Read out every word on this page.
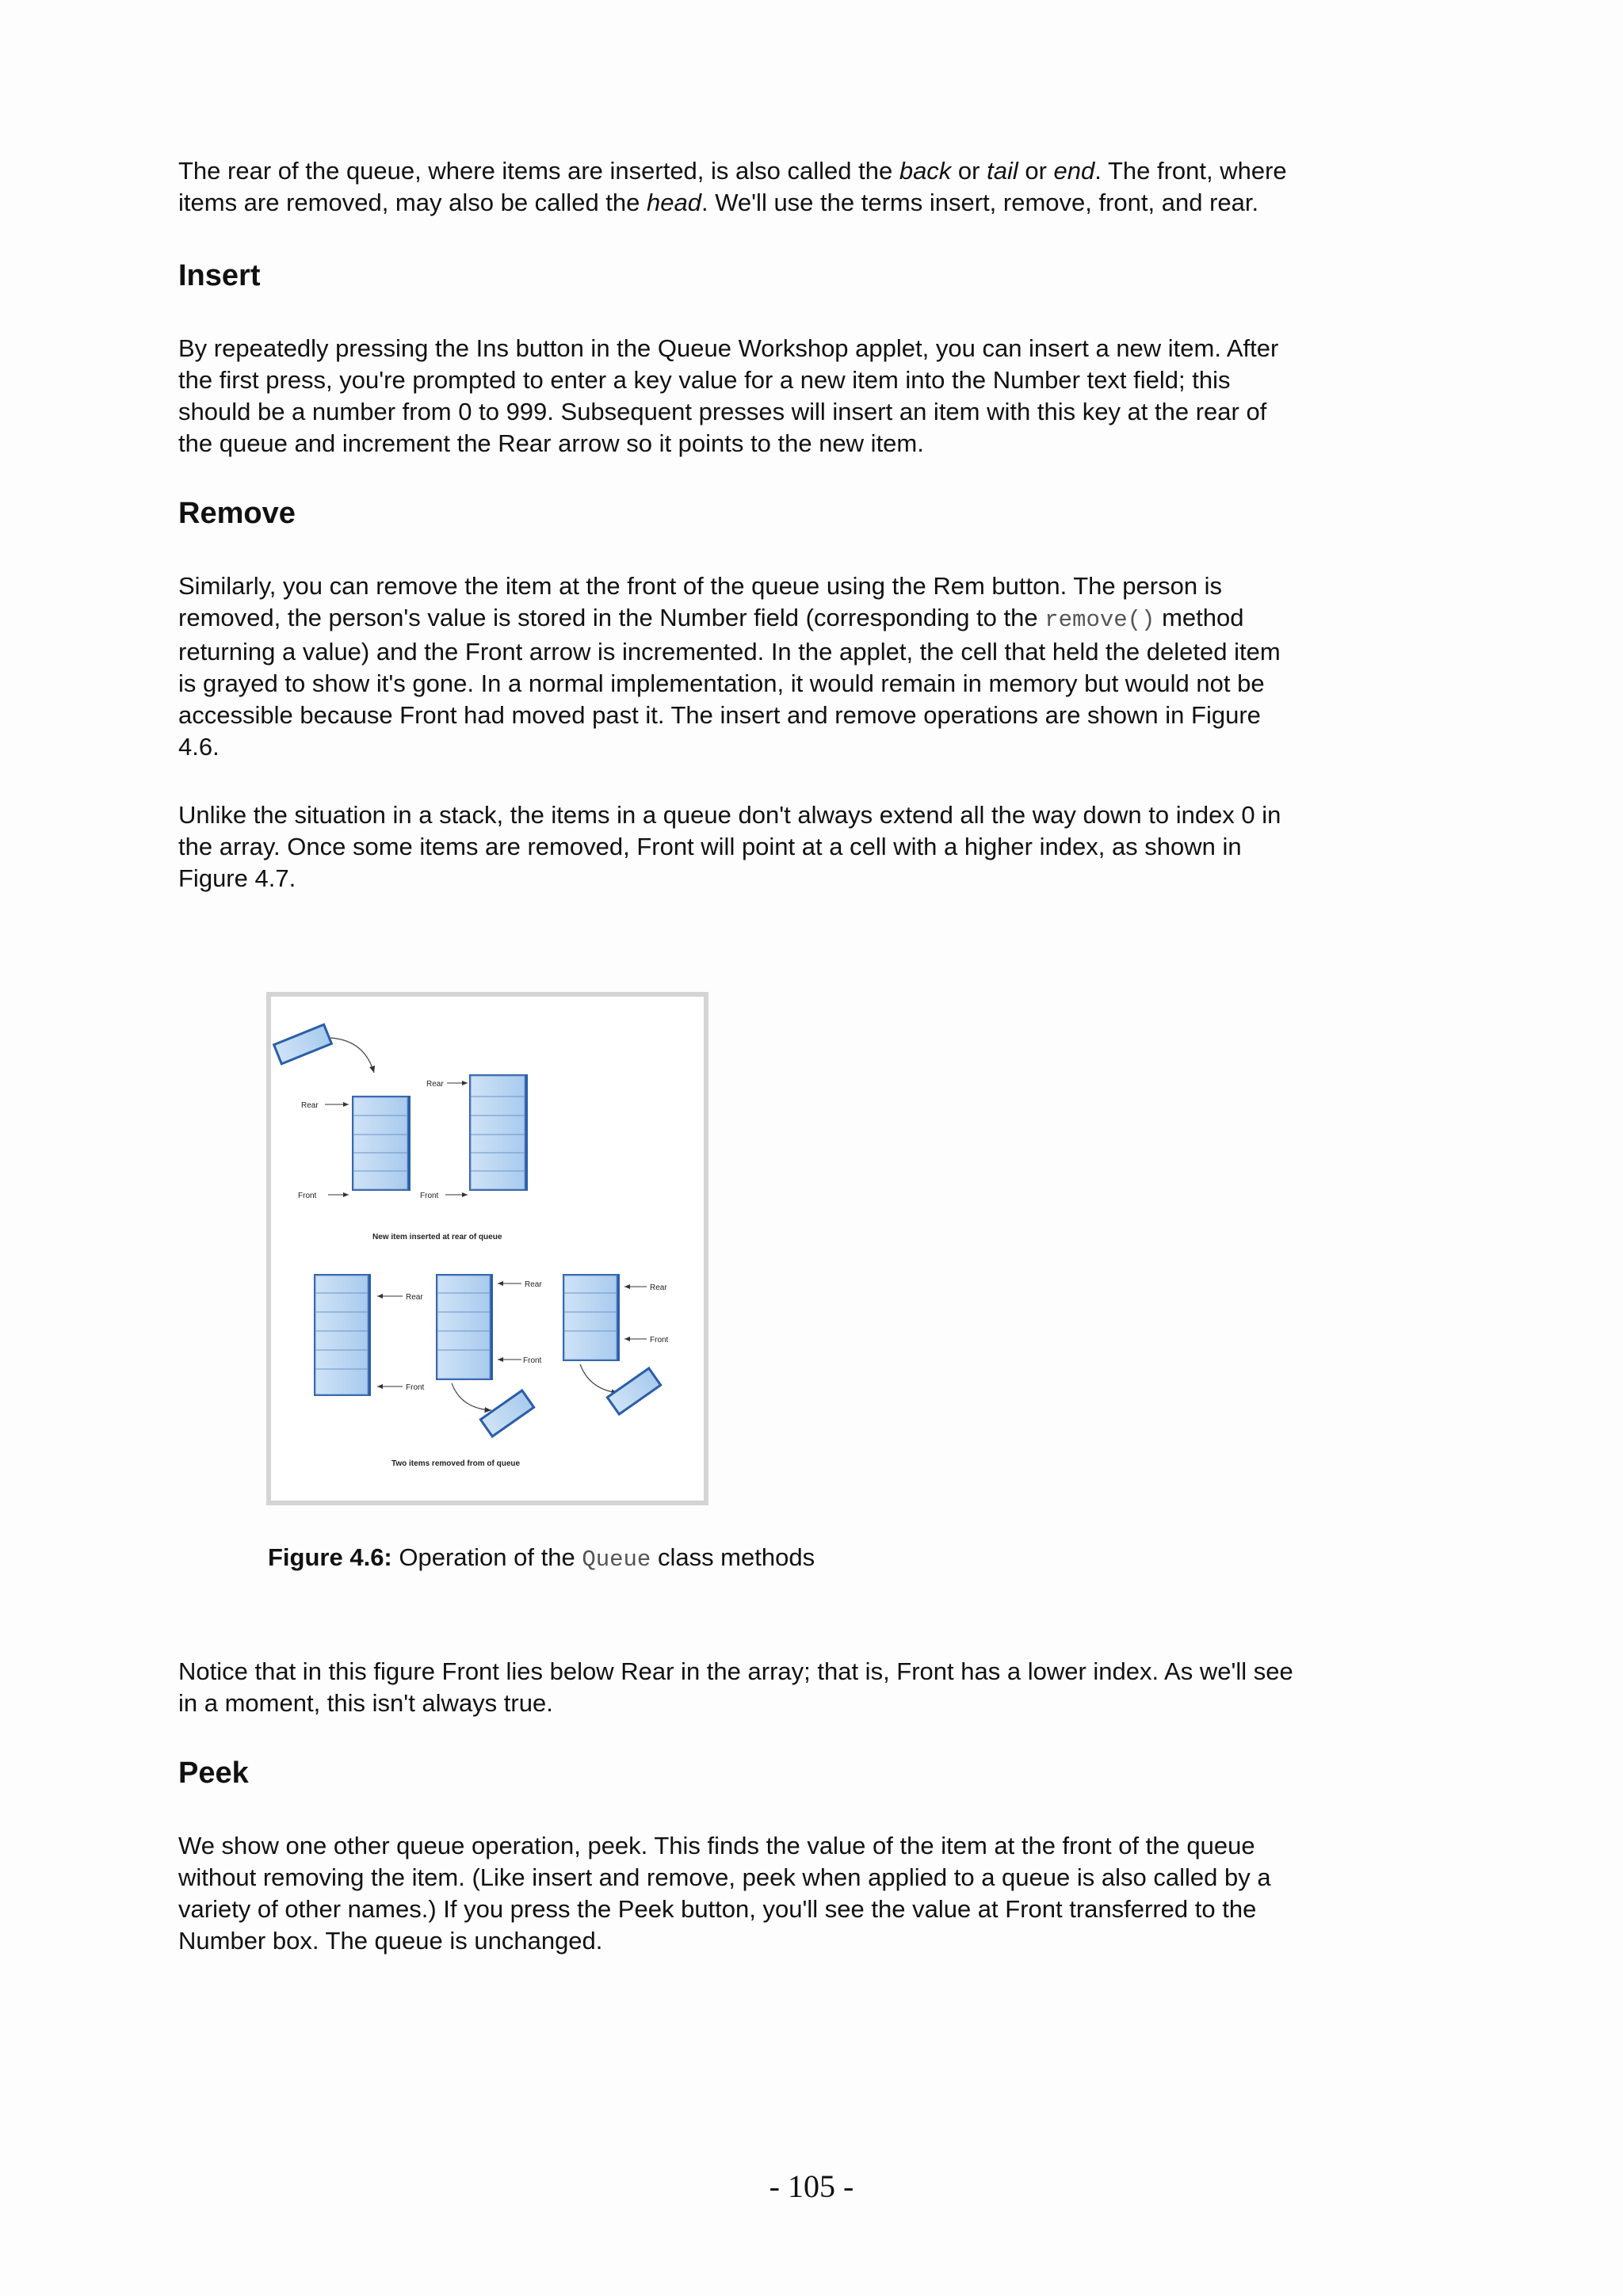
The rear of the queue, where items are inserted, is also called the back or tail or end. The front, where items are removed, may also be called the head. We'll use the terms insert, remove, front, and rear.

Insert

By repeatedly pressing the Ins button in the Queue Workshop applet, you can insert a new item. After the first press, you're prompted to enter a key value for a new item into the Number text field; this should be a number from 0 to 999. Subsequent presses will insert an item with this key at the rear of the queue and increment the Rear arrow so it points to the new item.

Remove

Similarly, you can remove the item at the front of the queue using the Rem button. The person is removed, the person's value is stored in the Number field (corresponding to the remove() method returning a value) and the Front arrow is incremented. In the applet, the cell that held the deleted item is grayed to show it's gone. In a normal implementation, it would remain in memory but would not be accessible because Front had moved past it. The insert and remove operations are shown in Figure 4.6.

Unlike the situation in a stack, the items in a queue don't always extend all the way down to index 0 in the array. Once some items are removed, Front will point at a cell with a higher index, as shown in Figure 4.7.

Rear
Front
Rear
Front
New item inserted at rear of queue
Rear
Front
Rear
Front
Rear
Front
Two items removed from of queue
Figure 4.6: Operation of the Queue class methods

Notice that in this figure Front lies below Rear in the array; that is, Front has a lower index. As we'll see in a moment, this isn't always true.

Peek

We show one other queue operation, peek. This finds the value of the item at the front of the queue without removing the item. (Like insert and remove, peek when applied to a queue is also called by a variety of other names.) If you press the Peek button, you'll see the value at Front transferred to the Number box. The queue is unchanged.

- 105 -
